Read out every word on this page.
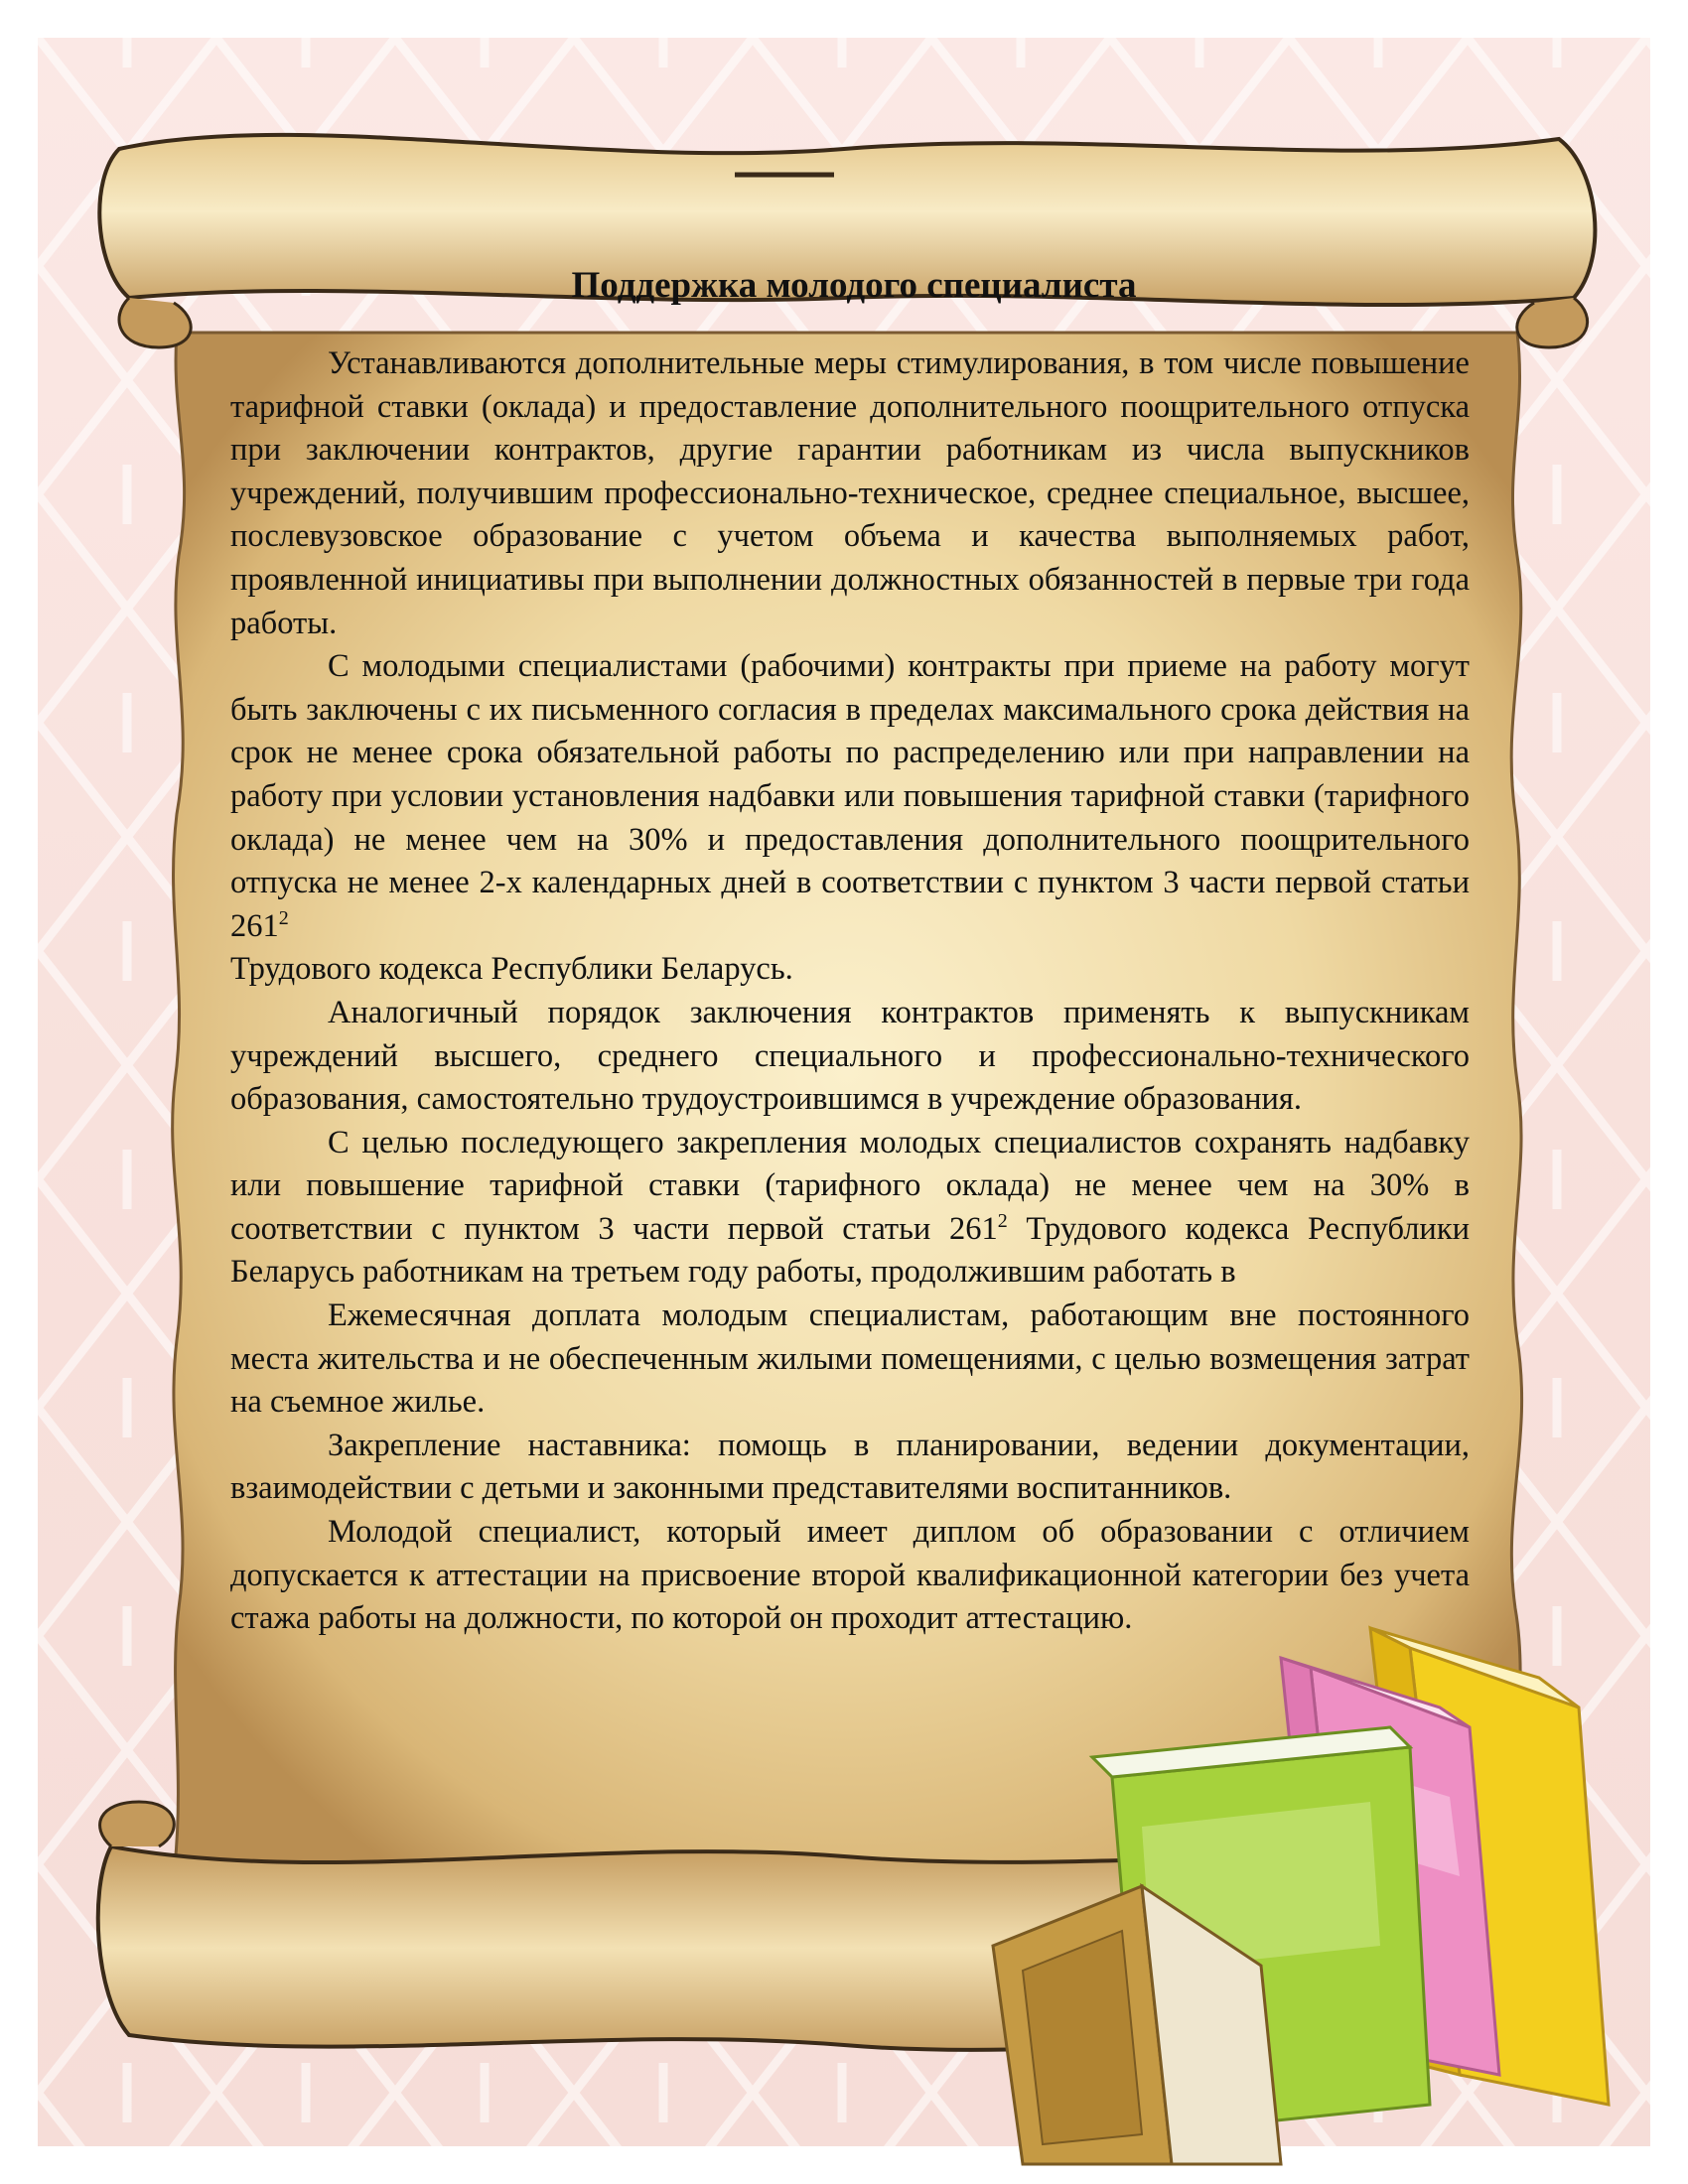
Поддержка молодого специалиста

Устанавливаются дополнительные меры стимулирования, в том числе повышение тарифной ставки (оклада) и предоставление дополнительного поощрительного отпуска при заключении контрактов, другие гарантии работникам из числа выпускников учреждений, получившим профессионально-техническое, среднее специальное, высшее, послевузовское образование с учетом объема и качества выполняемых работ, проявленной инициативы при выполнении должностных обязанностей в первые три года работы.

С молодыми специалистами (рабочими) контракты при приеме на работу могут быть заключены с их письменного согласия в пределах максимального срока действия на срок не менее срока обязательной работы по распределению или при направлении на работу при условии установления надбавки или повышения тарифной ставки (тарифного оклада) не менее чем на 30% и предоставления дополнительного поощрительного отпуска не менее 2-х календарных дней в соответствии с пунктом 3 части первой статьи $261^2$

Трудового кодекса Республики Беларусь.

Аналогичный порядок заключения контрактов применять к выпускникам учреждений высшего, среднего специального и профессионально-технического образования, самостоятельно трудоустроившимся в учреждение образования.

С целью последующего закрепления молодых специалистов сохранять надбавку или повышение тарифной ставки (тарифного оклада) не менее чем на 30% в соответствии с пунктом 3 части первой статьи $261^2$ Трудового кодекса Республики Беларусь работникам на третьем году работы, продолжившим работать в

Ежемесячная доплата молодым специалистам, работающим вне постоянного места жительства и не обеспеченным жилыми помещениями, с целью возмещения затрат на съемное жилье.

Закрепление наставника: помощь в планировании, ведении документации, взаимодействии с детьми и законными представителями воспитанников.

Молодой специалист, который имеет диплом об образовании с отличием допускается к аттестации на присвоение второй квалификационной категории без учета стажа работы на должности, по которой он проходит аттестацию.
